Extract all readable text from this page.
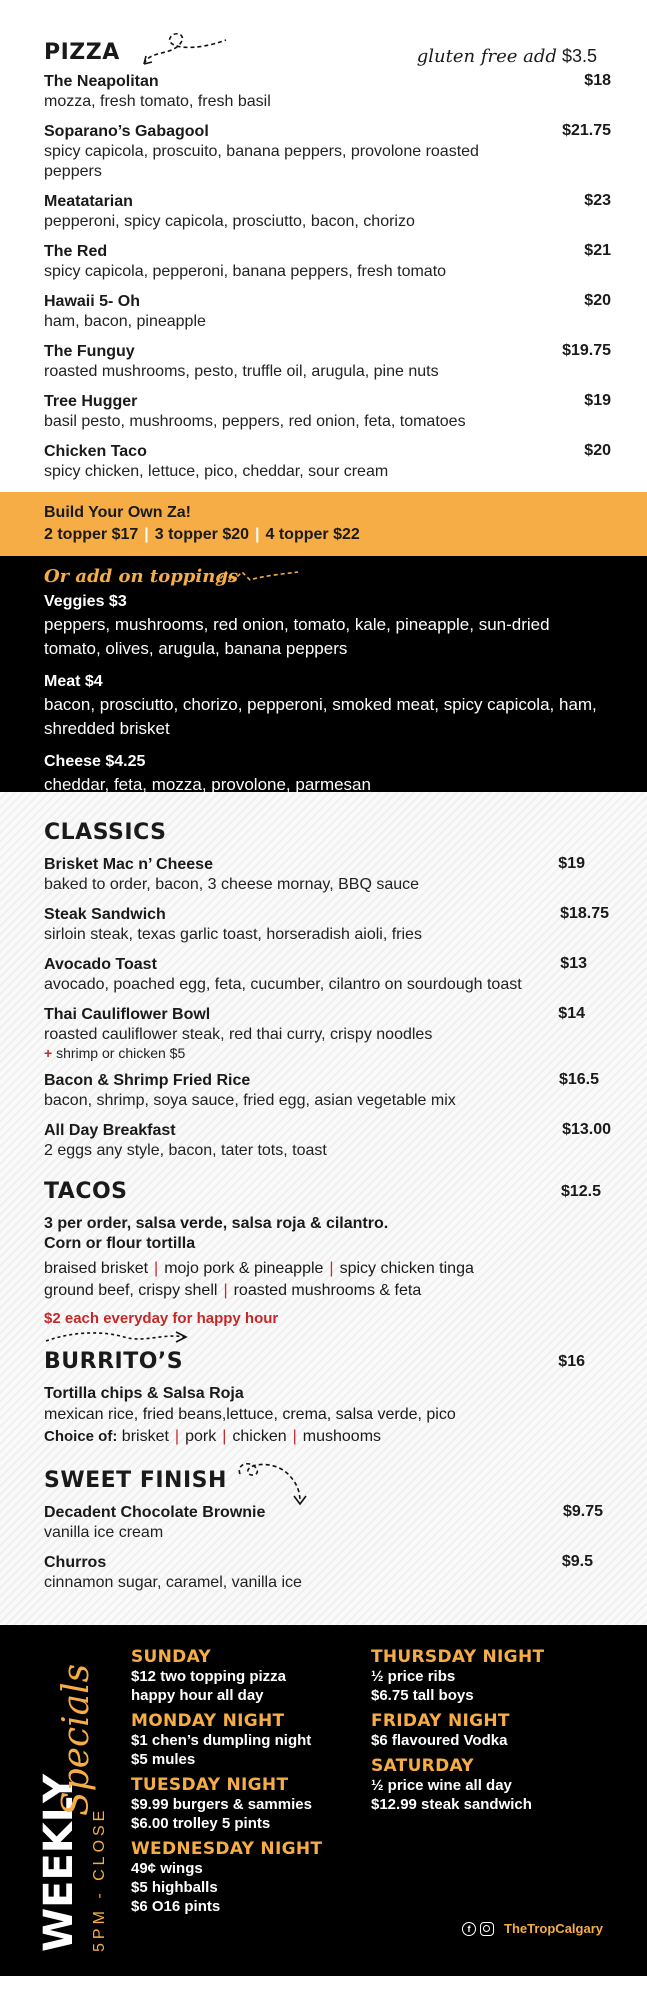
PIZZA	gluten free add $3.5
The Neapolitan
mozza, fresh tomato, fresh basil
$18
Soparano’s Gabagool
spicy capicola, proscuito, banana peppers, provolone roasted peppers
$21.75
Meatatarian
pepperoni, spicy capicola, prosciutto, bacon, chorizo
$23
The Red
spicy capicola, pepperoni, banana peppers, fresh tomato
$21
Hawaii 5- Oh
ham, bacon, pineapple
$20
The Funguy
roasted mushrooms, pesto, truffle oil, arugula, pine nuts
$19.75
Tree Hugger
basil pesto, mushrooms, peppers, red onion, feta, tomatoes
$19
Chicken Taco
spicy chicken, lettuce, pico, cheddar, sour cream
$20
Build Your Own Za!
2 topper $17 | 3 topper $20 | 4 topper $22
Or add on toppings
Veggies $3
peppers, mushrooms, red onion, tomato, kale, pineapple, sun-dried tomato, olives, arugula, banana peppers
Meat $4
bacon, prosciutto, chorizo, pepperoni, smoked meat, spicy capicola, ham, shredded brisket
Cheese $4.25
cheddar, feta, mozza, provolone, parmesan
CLASSICS
Brisket Mac n’ Cheese
baked to order, bacon, 3 cheese mornay, BBQ sauce
$19
Steak Sandwich
sirloin steak, texas garlic toast, horseradish aioli, fries
$18.75
Avocado Toast
avocado, poached egg, feta, cucumber, cilantro on sourdough toast
$13
Thai Cauliflower Bowl
roasted cauliflower steak, red thai curry, crispy noodles
+ shrimp or chicken $5
$14
Bacon & Shrimp Fried Rice
bacon, shrimp, soya sauce, fried egg, asian vegetable mix
$16.5
All Day Breakfast
2 eggs any style, bacon, tater tots, toast
$13.00
TACOS	$12.5
3 per order, salsa verde, salsa roja & cilantro.
Corn or flour tortilla
braised brisket | mojo pork & pineapple | spicy chicken tinga
ground beef, crispy shell | roasted mushrooms & feta
$2 each everyday for happy hour
BURRITO’S	$16
Tortilla chips & Salsa Roja
mexican rice, fried beans,lettuce, crema, salsa verde, pico
Choice of: brisket | pork | chicken | mushooms
SWEET FINISH
Decadent Chocolate Brownie
vanilla ice cream
$9.75
Churros
cinnamon sugar, caramel, vanilla ice
$9.5
WEEKLY
Specials
5PM - CLOSE
SUNDAY
$12 two topping pizza
happy hour all day
MONDAY NIGHT
$1 chen’s dumpling night
$5 mules
TUESDAY NIGHT
$9.99 burgers & sammies
$6.00 trolley 5 pints
WEDNESDAY NIGHT
49¢ wings
$5 highballs
$6 O16 pints
THURSDAY NIGHT
½ price ribs
$6.75 tall boys
FRIDAY NIGHT
$6 flavoured Vodka
SATURDAY
½ price wine all day
$12.99 steak sandwich
f	TheTropCalgary
